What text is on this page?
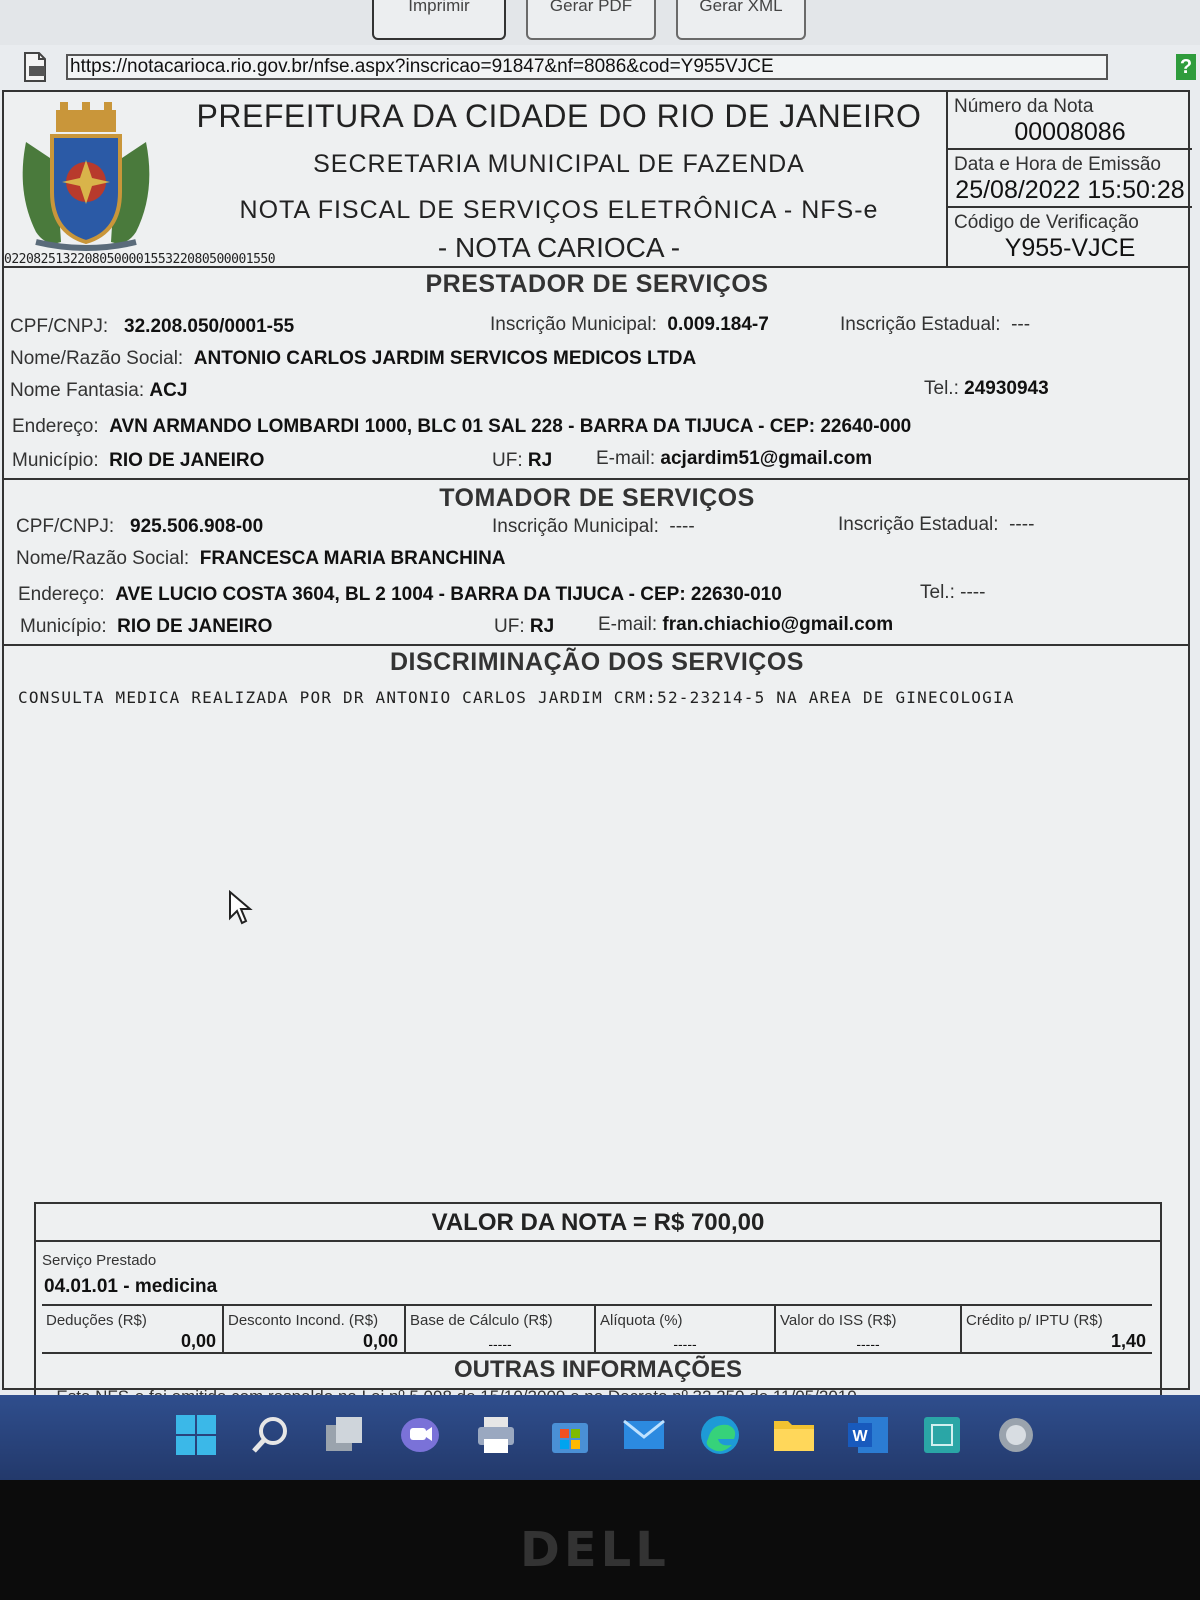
Imprimir	Gerar PDF	Gerar XML
https://notacarioca.rio.gov.br/nfse.aspx?inscricao=91847&nf=8086&cod=Y955VJCE	?
PREFEITURA DA CIDADE DO RIO DE JANEIRO
SECRETARIA MUNICIPAL DE FAZENDA
NOTA FISCAL DE SERVIÇOS ELETRÔNICA - NFS-e
- NOTA CARIOCA -
0220825132208050000155322080500001550
Número da Nota
00008086
Data e Hora de Emissão
25/08/2022 15:50:28
Código de Verificação
Y955-VJCE
PRESTADOR DE SERVIÇOS
CPF/CNPJ: 32.208.050/0001-55	Inscrição Municipal: 0.009.184-7	Inscrição Estadual: ---
Nome/Razão Social: ANTONIO CARLOS JARDIM SERVICOS MEDICOS LTDA
Nome Fantasia: ACJ	Tel.: 24930943
Endereço: AVN ARMANDO LOMBARDI 1000, BLC 01 SAL 228 - BARRA DA TIJUCA - CEP: 22640-000
Município: RIO DE JANEIRO	UF: RJ E-mail: acjardim51@gmail.com
TOMADOR DE SERVIÇOS
CPF/CNPJ: 925.506.908-00	Inscrição Municipal: ----	Inscrição Estadual: ----
Nome/Razão Social: FRANCESCA MARIA BRANCHINA
Endereço: AVE LUCIO COSTA 3604, BL 2 1004 - BARRA DA TIJUCA - CEP: 22630-010	Tel.: ----
Município: RIO DE JANEIRO	UF: RJ E-mail: fran.chiachio@gmail.com
DISCRIMINAÇÃO DOS SERVIÇOS
CONSULTA MEDICA REALIZADA POR DR ANTONIO CARLOS JARDIM CRM:52-23214-5 NA AREA DE GINECOLOGIA
VALOR DA NOTA = R$ 700,00
Serviço Prestado
04.01.01 - medicina
Deduções (R$)
0,00
Desconto Incond. (R$)
0,00
Base de Cálculo (R$)
-----
Alíquota (%)
-----
Valor do ISS (R$)
-----
Crédito p/ IPTU (R$)
1,40
OUTRAS INFORMAÇÕES
W
DELL
